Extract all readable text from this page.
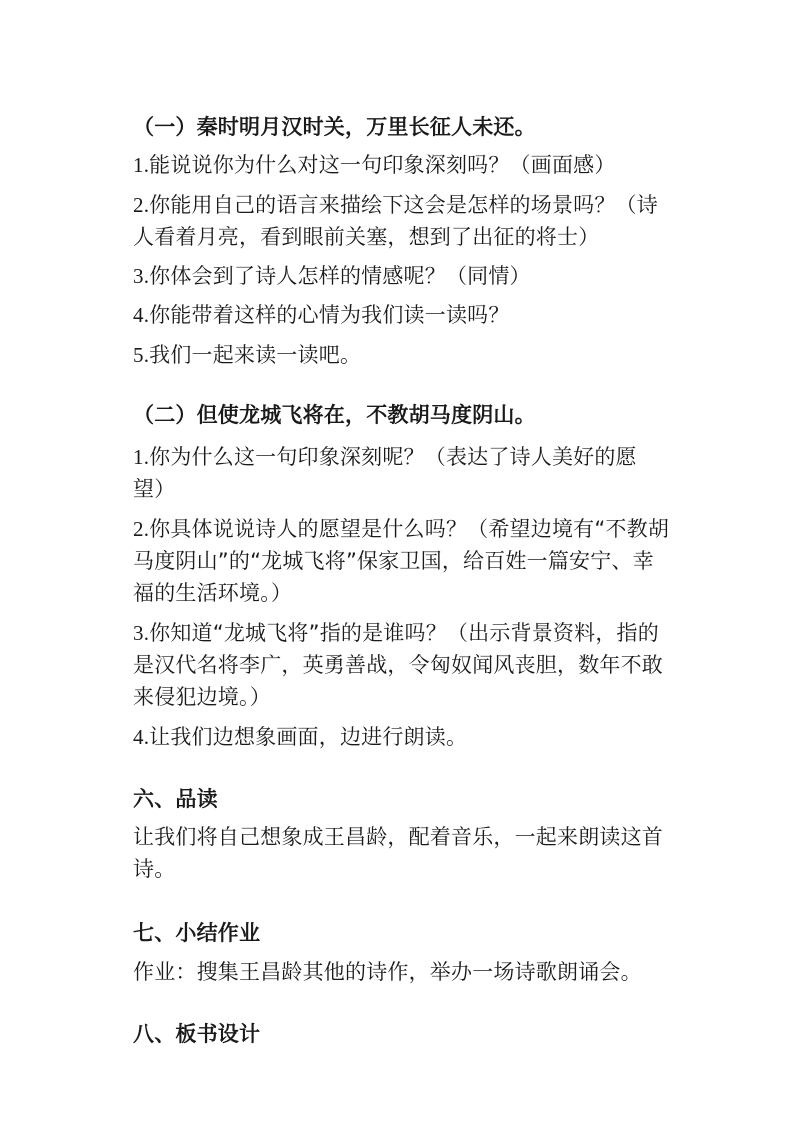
（一）秦时明月汉时关，万里长征人未还。

1.能说说你为什么对这一句印象深刻吗？（画面感）

2.你能用自己的语言来描绘下这会是怎样的场景吗？（诗

人看着月亮，看到眼前关塞，想到了出征的将士）

3.你体会到了诗人怎样的情感呢？（同情）

4.你能带着这样的心情为我们读一读吗？

5.我们一起来读一读吧。

（二）但使龙城飞将在，不教胡马度阴山。

1.你为什么这一句印象深刻呢？（表达了诗人美好的愿

望）

2.你具体说说诗人的愿望是什么吗？（希望边境有“不教胡

马度阴山”的“龙城飞将”保家卫国，给百姓一篇安宁、幸

福的生活环境。）

3.你知道“龙城飞将”指的是谁吗？（出示背景资料，指的

是汉代名将李广，英勇善战，令匈奴闻风丧胆，数年不敢

来侵犯边境。）

4.让我们边想象画面，边进行朗读。

六、品读

让我们将自己想象成王昌龄，配着音乐，一起来朗读这首

诗。

七、小结作业

作业：搜集王昌龄其他的诗作，举办一场诗歌朗诵会。

八、板书设计
